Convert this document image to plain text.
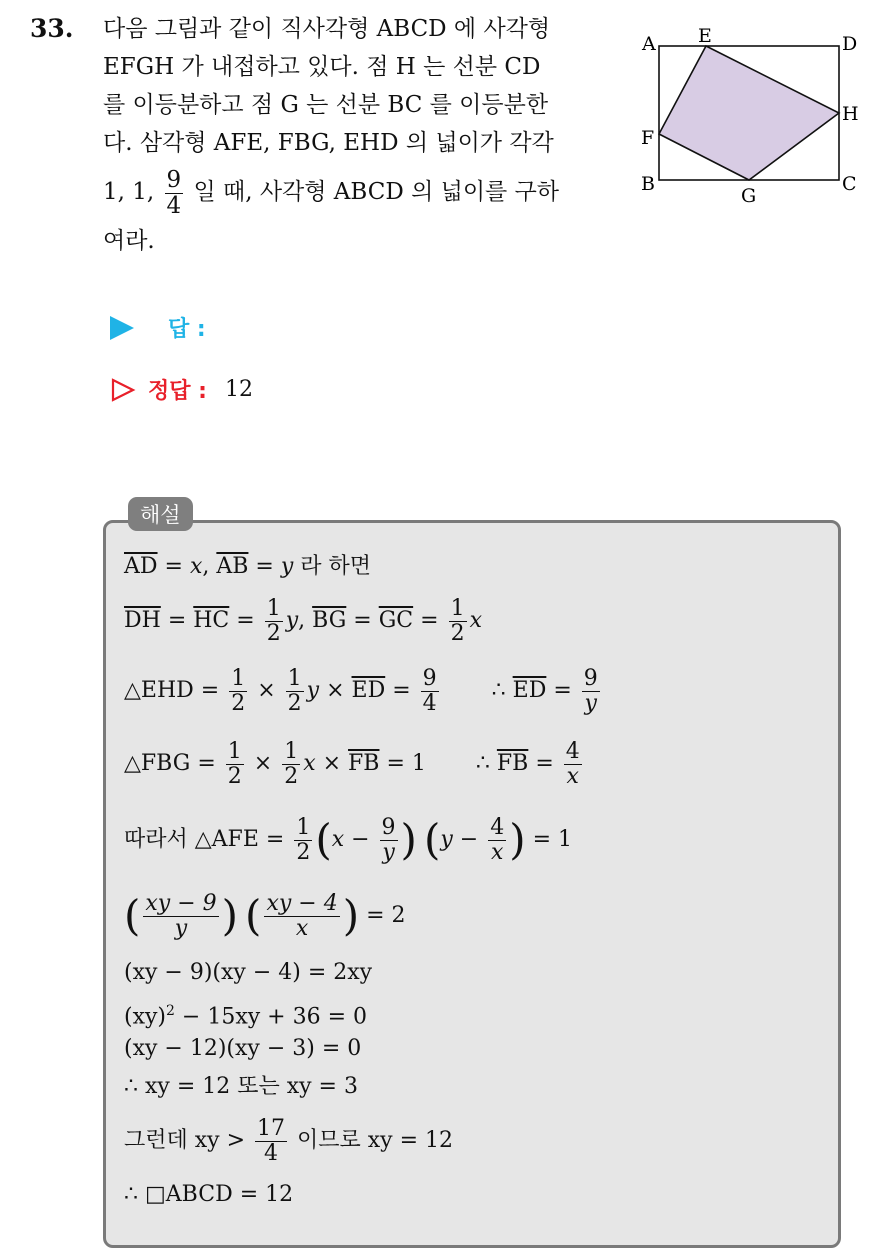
33. 다음 그림과 같이 직사각형 ABCD 에 사각형
EFGH 가 내접하고 있다. 점 H 는 선분 CD
를 이등분하고 점 G 는 선분 BC 를 이등분한
다. 삼각형 AFE, FBG, EHD 의 넓이가 각각
1, 1, $\frac{9}{4}$ 일 때, 사각형 ABCD 의 넓이를 구하
여라.
A E	D
H
F
B
G
C
답 :
정답 : 12
해설
$\overline{AD} = x$, $\overline{AB} = y$ 라 하면
$\overline{DH} = \overline{HC} = \frac{1}{2} y$, $\overline{BG} = \overline{GC} = \frac{1}{2}$ x
△EHD = $\frac{1}{2} \times \frac{1}{2}$ $y \times \overline{ED} = \frac{9}{4}$ ∴ $\overline{ED} = \frac{9}{y}$
△FBG = $\frac{1}{2} \times \frac{1}{2}$ $x \times \overline{FB} = 1$ ∴ $\overline{FB} = \frac{4}{x}$
따라서 △AFE = $\frac{1}{2} (x - \frac{9}{y}$ ) ($y - \frac{4}{x}$ ) = 1
( $\frac{xy - 9}{y}$ ) ( $\frac{xy - 4}{x}$ ) = 2
(xy − 9)(xy − 4) = 2xy
(xy)$^2$ − 15xy + 36 = 0
(xy − 12)(xy − 3) = 0
∴ xy = 12 또는 xy = 3
그런데 xy > $\frac{17}{4}$ 이므로 xy = 12
∴ □ABCD = 12
